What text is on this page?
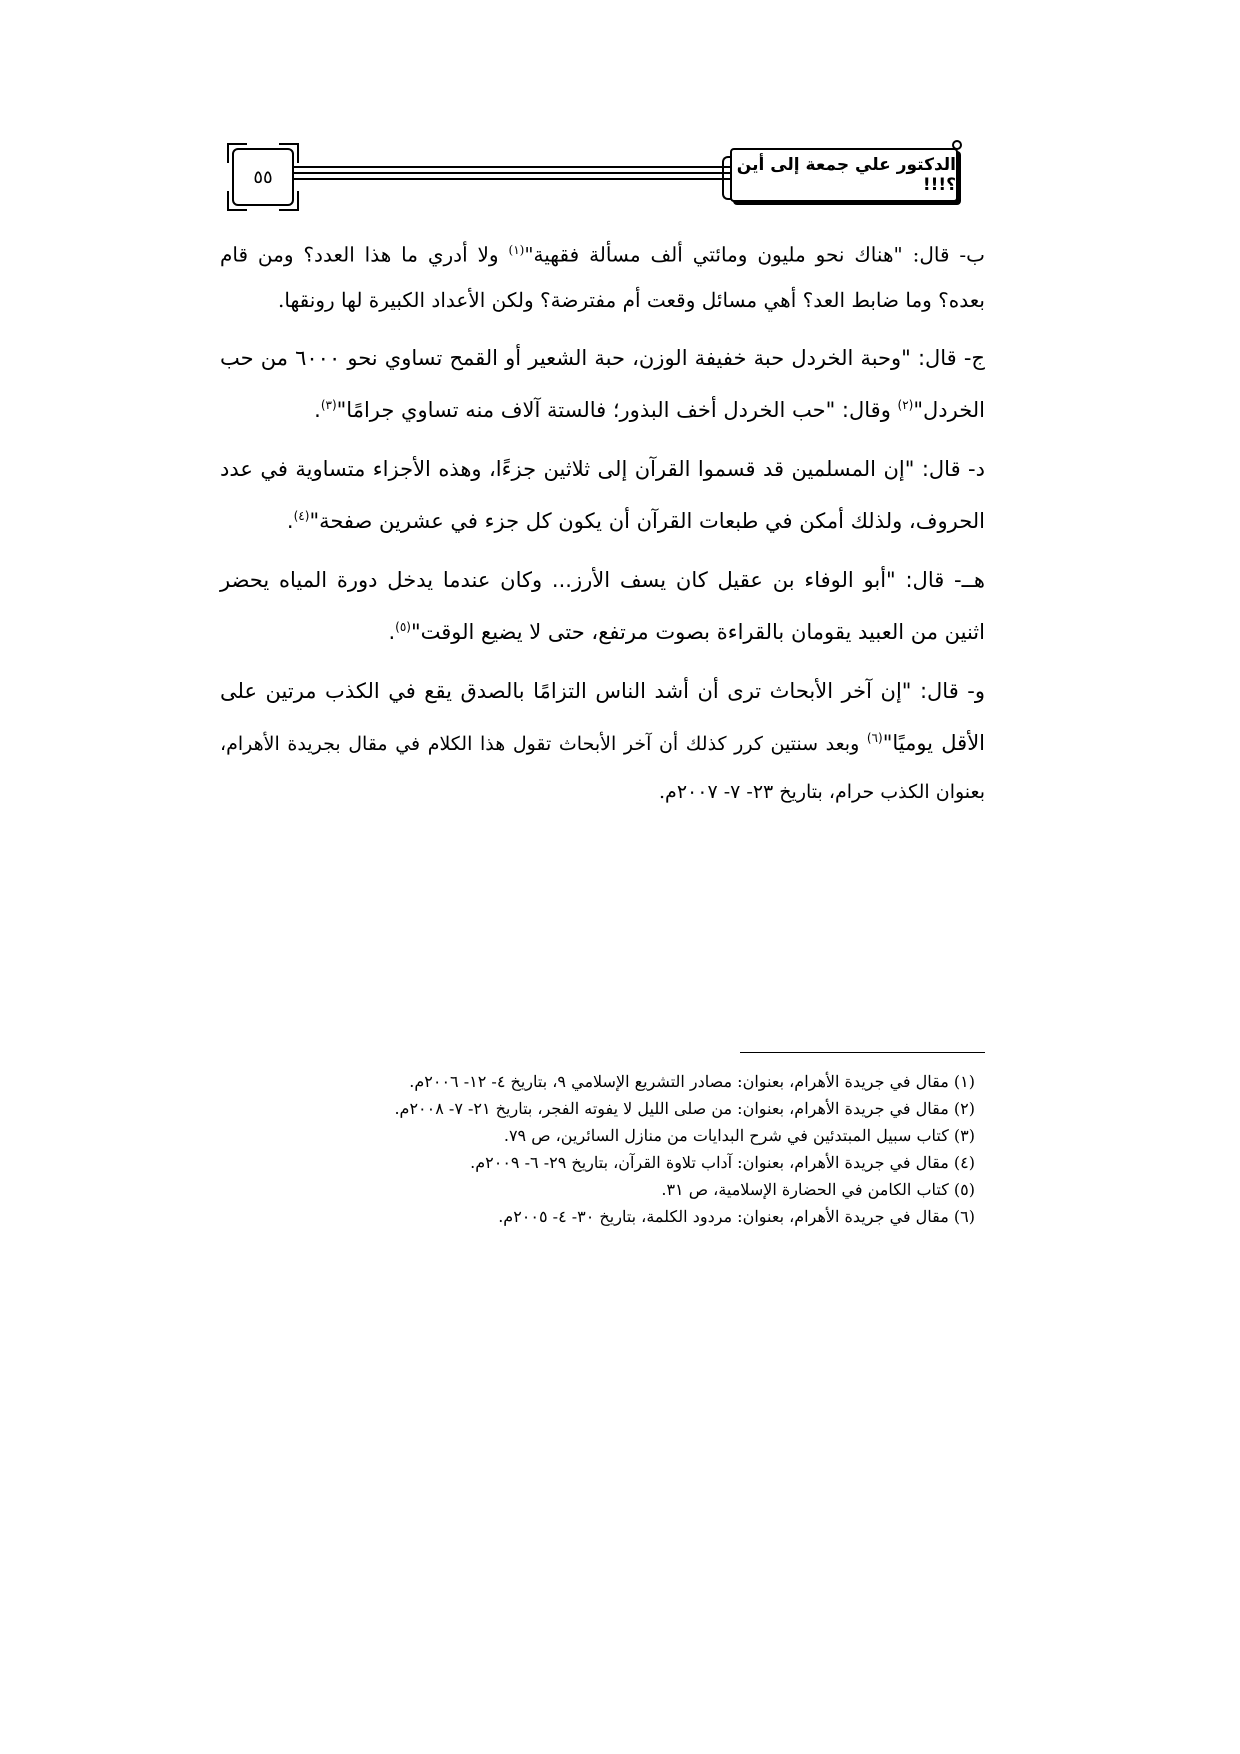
٥٥
الدكتور علي جمعة إلى أين ؟!!!

ب- قال: "هناك نحو مليون ومائتي ألف مسألة فقهية"$^{(١)}$ ولا أدري ما هذا العدد؟ ومن قام بعده؟ وما ضابط العد؟ أهي مسائل وقعت أم مفترضة؟ ولكن الأعداد الكبيرة لها رونقها.

ج- قال: "وحبة الخردل حبة خفيفة الوزن، حبة الشعير أو القمح تساوي نحو ٦٠٠٠ من حب الخردل"$^{(٢)}$ وقال: "حب الخردل أخف البذور؛ فالستة آلاف منه تساوي جرامًا"$^{(٣)}$.

د- قال: "إن المسلمين قد قسموا القرآن إلى ثلاثين جزءًا، وهذه الأجزاء متساوية في عدد الحروف، ولذلك أمكن في طبعات القرآن أن يكون كل جزء في عشرين صفحة"$^{(٤)}$.

هــ- قال: "أبو الوفاء بن عقيل كان يسف الأرز... وكان عندما يدخل دورة المياه يحضر اثنين من العبيد يقومان بالقراءة بصوت مرتفع، حتى لا يضيع الوقت"$^{(٥)}$.

و- قال: "إن آخر الأبحاث ترى أن أشد الناس التزامًا بالصدق يقع في الكذب مرتين على الأقل يوميًا"$^{(٦)}$ وبعد سنتين كرر كذلك أن آخر الأبحاث تقول هذا الكلام في مقال بجريدة الأهرام، بعنوان الكذب حرام، بتاريخ ٢٣- ٧- ٢٠٠٧م.

(١) مقال في جريدة الأهرام، بعنوان: مصادر التشريع الإسلامي ٩، بتاريخ ٤- ١٢- ٢٠٠٦م.
(٢) مقال في جريدة الأهرام، بعنوان: من صلى الليل لا يفوته الفجر، بتاريخ ٢١- ٧- ٢٠٠٨م.
(٣) كتاب سبيل المبتدئين في شرح البدايات من منازل السائرين، ص ٧٩.
(٤) مقال في جريدة الأهرام، بعنوان: آداب تلاوة القرآن، بتاريخ ٢٩- ٦- ٢٠٠٩م.
(٥) كتاب الكامن في الحضارة الإسلامية، ص ٣١.
(٦) مقال في جريدة الأهرام، بعنوان: مردود الكلمة، بتاريخ ٣٠- ٤- ٢٠٠٥م.
